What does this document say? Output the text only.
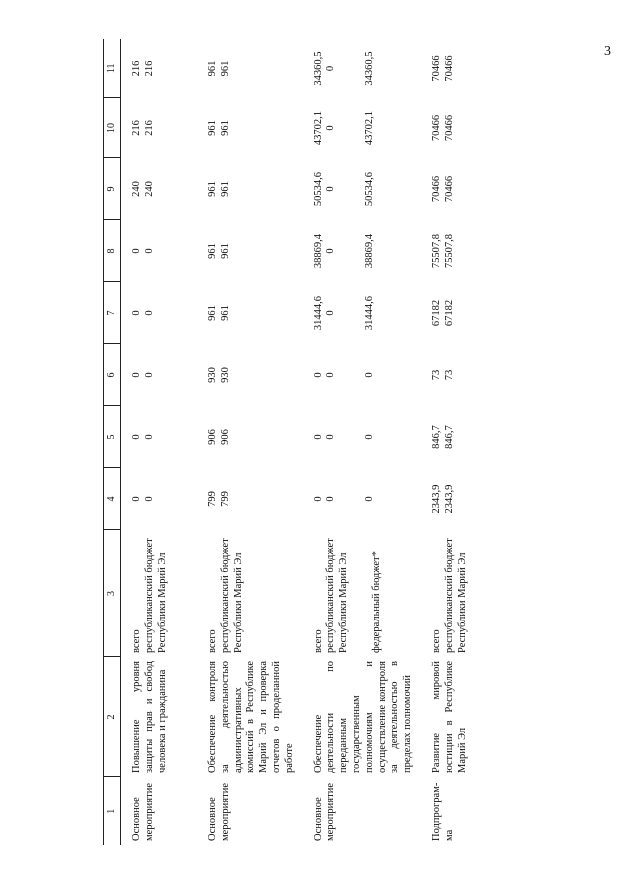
3
1	2	3	4	5	6	7	8	9	10	11
Основное мероприятие	Повышение уровня защиты прав и свобод человека и гражданина	всего республиканский бюджет Республики Марий Эл	0 0	0 0	0 0	0 0	0 0	240 240	216 216	216 216

Основное мероприятие	Обеспечение контроля за деятельностью административных комиссий в Республике Марий Эл и проверка отчетов о проделанной работе	всего республиканский бюджет Республики Марий Эл	799 799	906 906	930 930	961 961	961 961	961 961	961 961	961 961

Основное мероприятие	Обеспечение деятельности по переданным государственным полномочиям и осуществление контроля за деятельностью в пределах полномочий	всего республиканский бюджет Республики Марий Эл федеральный бюджет*	0 0 0	0 0 0	0 0 0	31444,6 0 31444,6	38869,4 0 38869,4	50534,6 0 50534,6	43702,1 0 43702,1	34360,5 0 34360,5

Подпрограм-ма	Развитие мировой юстиции в Республике Марий Эл	всего республиканский бюджет Республики Марий Эл	2343,9 2343,9	846,7 846,7	73 73	67182 67182	75507,8 75507,8	70466 70466	70466 70466	70466 70466
